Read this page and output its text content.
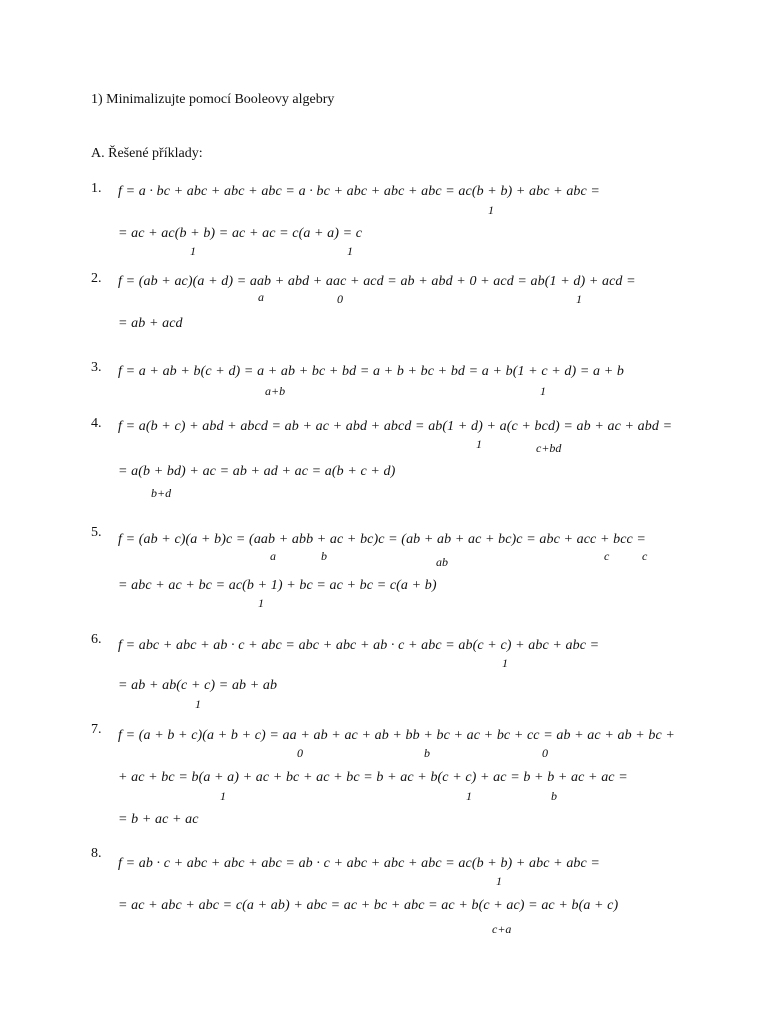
1) Minimalizujte pomocí Booleovy algebry
A. Řešené příklady:
1. f = a · bc + abc + abc + abc = a · bc + abc + abc + abc = ac(b + b) + abc + abc =
1
= ac + ac(b + b) = ac + ac = c(a + a) = c
1	1
2. f = (ab + ac)(a + d) = aab + abd + aac + acd = ab + abd + 0 + acd = ab(1 + d) + acd =
a	0	1
= ab + acd
3. f = a + ab + b(c + d) = a + ab + bc + bd = a + b + bc + bd = a + b(1 + c + d) = a + b
a+b	1
4. f = a(b + c) + abd + abcd = ab + ac + abd + abcd = ab(1 + d) + a(c + bcd) = ab + ac + abd =
1	c+bd
= a(b + bd) + ac = ab + ad + ac = a(b + c + d)
b+d
5. f = (ab + c)(a + b)c = (aab + abb + ac + bc)c = (ab + ab + ac + bc)c = abc + acc + bcc =
a	b	ab	c	c
= abc + ac + bc = ac(b + 1) + bc = ac + bc = c(a + b)
1
6. f = abc + abc + ab · c + abc = abc + abc + ab · c + abc = ab(c + c) + abc + abc =
1
= ab + ab(c + c) = ab + ab
1
7. f = (a + b + c)(a + b + c) = aa + ab + ac + ab + bb + bc + ac + bc + cc = ab + ac + ab + bc +
0	b	0
+ ac + bc = b(a + a) + ac + bc + ac + bc = b + ac + b(c + c) + ac = b + b + ac + ac =
1	1	b
= b + ac + ac
8.
f = ab · c + abc + abc + abc = ab · c + abc + abc + abc = ac(b + b) + abc + abc =
1
= ac + abc + abc = c(a + ab) + abc = ac + bc + abc = ac + b(c + ac) = ac + b(a + c)
c+a
